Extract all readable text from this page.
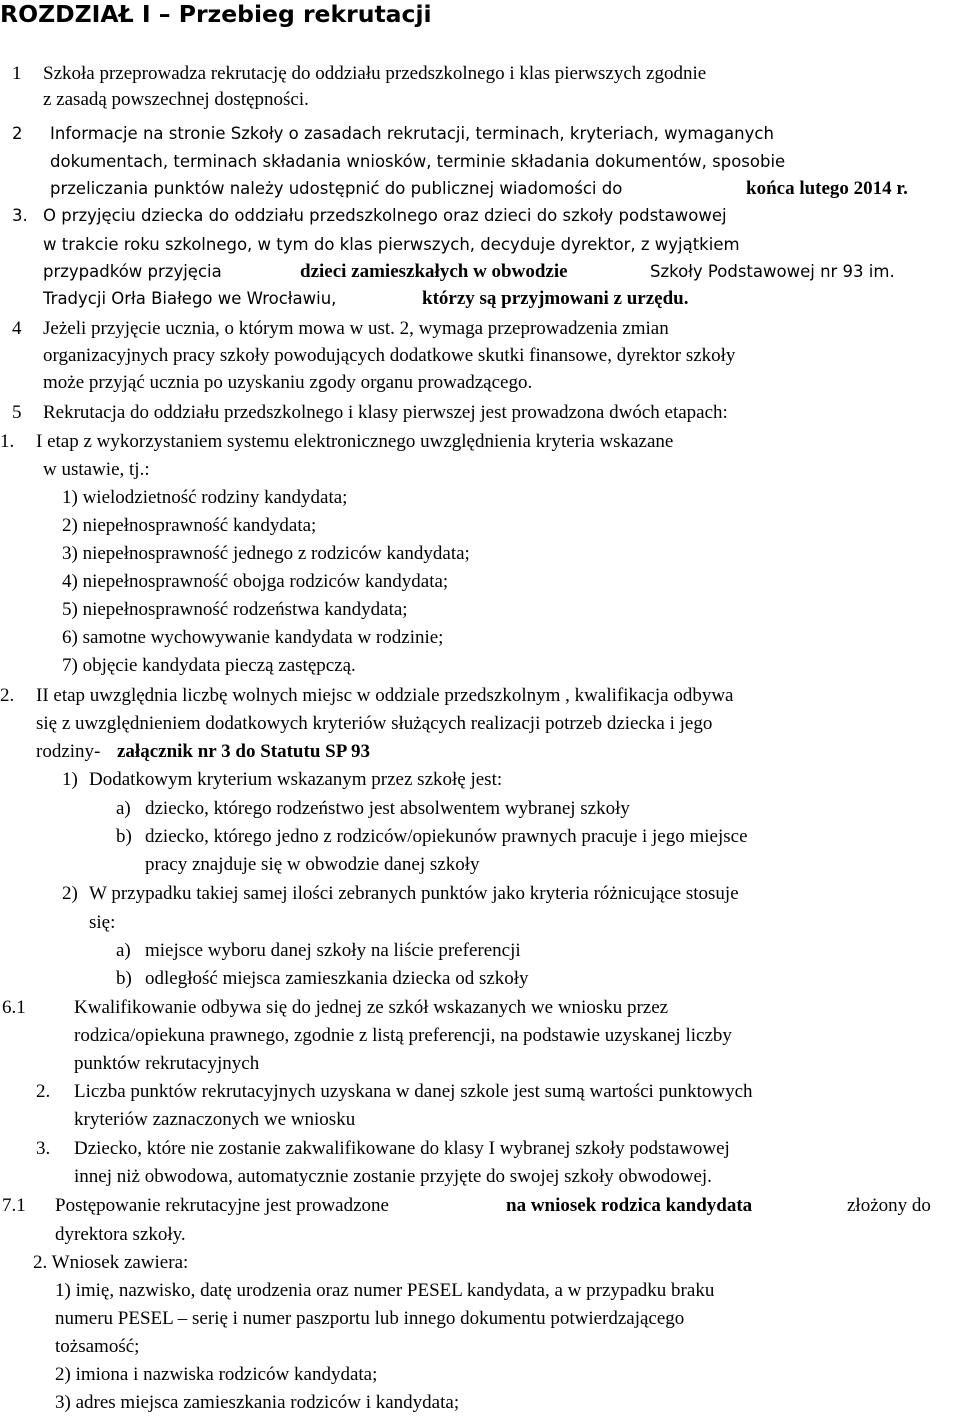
ROZDZIAŁ I – Przebieg rekrutacji
1 Szkoła przeprowadza rekrutację do oddziału przedszkolnego i klas pierwszych zgodnie
z zasadą powszechnej dostępności.
2 Informacje na stronie Szkoły o zasadach rekrutacji, terminach, kryteriach, wymaganych
dokumentach, terminach składania wniosków, terminie składania dokumentów, sposobie
przeliczania punktów należy udostępnić do publicznej wiadomości do	końca lutego 2014 r.
3. O przyjęciu dziecka do oddziału przedszkolnego oraz dzieci do szkoły podstawowej
w trakcie roku szkolnego, w tym do klas pierwszych, decyduje dyrektor, z wyjątkiem
przypadków przyjęcia	dzieci zamieszkałych w obwodzie	Szkoły Podstawowej nr 93 im.
Tradycji Orła Białego we Wrocławiu,	którzy są przyjmowani z urzędu.
4 Jeżeli przyjęcie ucznia, o którym mowa w ust. 2, wymaga przeprowadzenia zmian
organizacyjnych pracy szkoły powodujących dodatkowe skutki finansowe, dyrektor szkoły
może przyjąć ucznia po uzyskaniu zgody organu prowadzącego.
5 Rekrutacja do oddziału przedszkolnego i klasy pierwszej jest prowadzona dwóch etapach:
1. I etap z wykorzystaniem systemu elektronicznego uwzględnienia kryteria wskazane
w ustawie, tj.:
1) wielodzietność rodziny kandydata;
2) niepełnosprawność kandydata;
3) niepełnosprawność jednego z rodziców kandydata;
4) niepełnosprawność obojga rodziców kandydata;
5) niepełnosprawność rodzeństwa kandydata;
6) samotne wychowywanie kandydata w rodzinie;
7) objęcie kandydata pieczą zastępczą.
2. II etap uwzględnia liczbę wolnych miejsc w oddziale przedszkolnym , kwalifikacja odbywa
się z uwzględnieniem dodatkowych kryteriów służących realizacji potrzeb dziecka i jego
rodziny- załącznik nr 3 do Statutu SP 93
1) Dodatkowym kryterium wskazanym przez szkołę jest:
a) dziecko, którego rodzeństwo jest absolwentem wybranej szkoły
b) dziecko, którego jedno z rodziców/opiekunów prawnych pracuje i jego miejsce
pracy znajduje się w obwodzie danej szkoły
2) W przypadku takiej samej ilości zebranych punktów jako kryteria różnicujące stosuje
się:
a) miejsce wyboru danej szkoły na liście preferencji
b) odległość miejsca zamieszkania dziecka od szkoły
6.1	Kwalifikowanie odbywa się do jednej ze szkół wskazanych we wniosku przez
rodzica/opiekuna prawnego, zgodnie z listą preferencji, na podstawie uzyskanej liczby
punktów rekrutacyjnych
2. Liczba punktów rekrutacyjnych uzyskana w danej szkole jest sumą wartości punktowych
kryteriów zaznaczonych we wniosku
3. Dziecko, które nie zostanie zakwalifikowane do klasy I wybranej szkoły podstawowej
innej niż obwodowa, automatycznie zostanie przyjęte do swojej szkoły obwodowej.
7.1 Postępowanie rekrutacyjne jest prowadzone	na wniosek rodzica kandydata	złożony do
dyrektora szkoły.
2. Wniosek zawiera:
1) imię, nazwisko, datę urodzenia oraz numer PESEL kandydata, a w przypadku braku
numeru PESEL – serię i numer paszportu lub innego dokumentu potwierdzającego
tożsamość;
2) imiona i nazwiska rodziców kandydata;
3) adres miejsca zamieszkania rodziców i kandydata;
